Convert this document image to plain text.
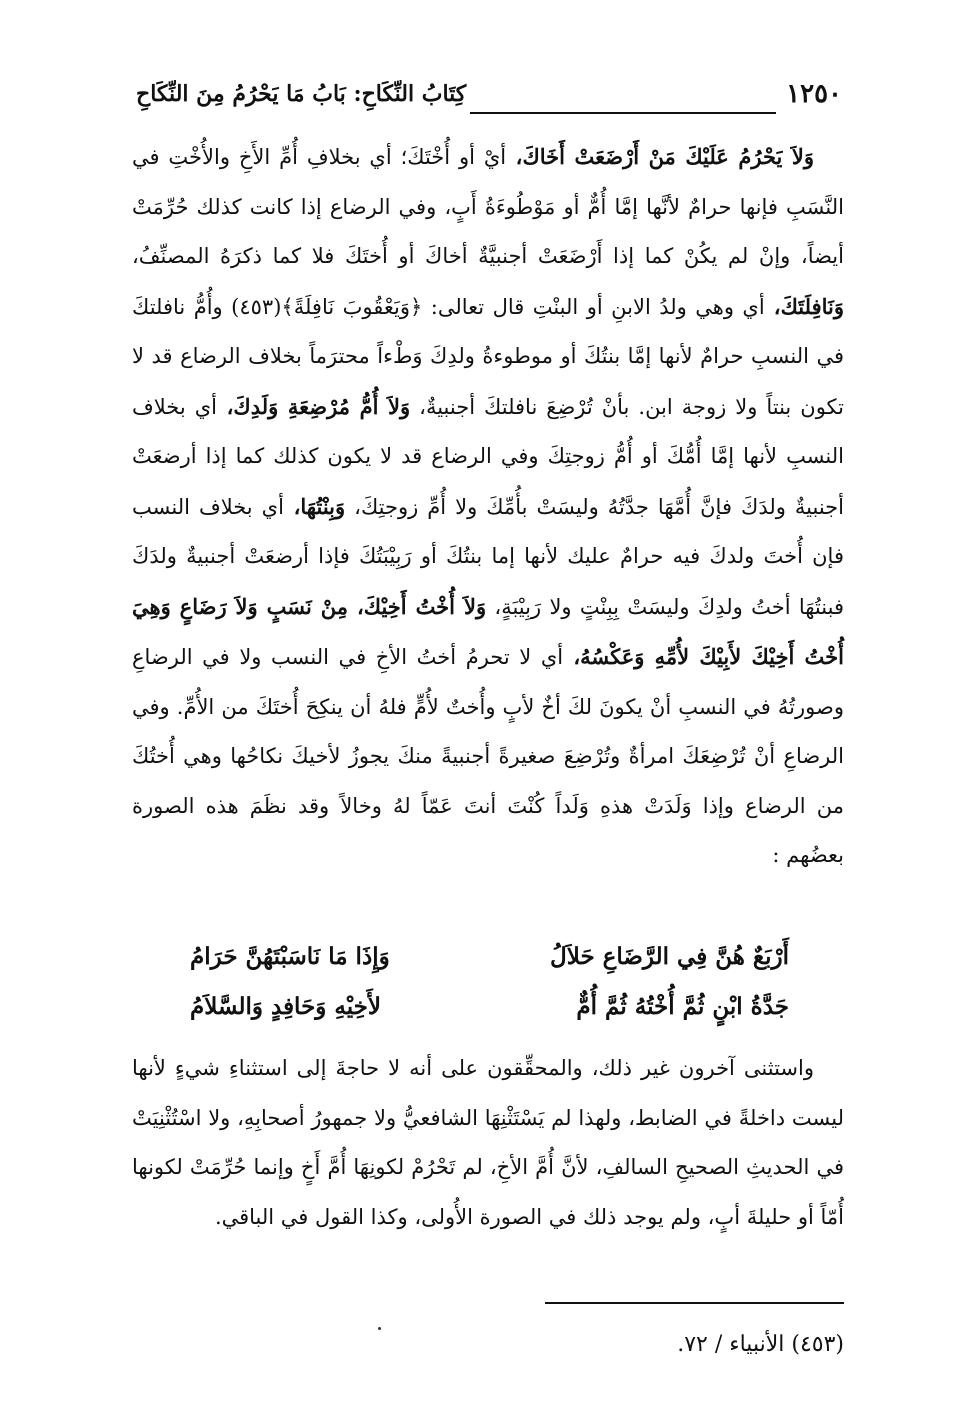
١٢٥٠
كِتَابُ النِّكَاحِ: بَابُ مَا يَحْرُمُ مِنَ النِّكَاحِ

وَلاَ يَحْرُمُ عَلَيْكَ مَنْ أَرْضَعَتْ أَخَاكَ، أيْ أو أُخْتَكَ؛ أي بخلافِ أُمِّ الأَخِ والأُخْتِ في النَّسَبِ فإنها حرامٌ لأنَّها إمَّا أُمٌّ أو مَوْطُوءَةُ أَبٍ، وفي الرضاع إذا كانت كذلك حُرِّمَتْ أيضاً، وإنْ لم يكُنْ كما إذا أَرْضَعَتْ أجنبيَّةٌ أخاكَ أو أُختَكَ فلا كما ذكرَهُ المصنِّفُ، وَنَافِلَتَكَ، أي وهي ولدُ الابنِ أو البنْتِ قال تعالى: ﴿وَيَعْقُوبَ نَافِلَةً﴾(٤٥٣) وأُمُّ نافلتكَ في النسبِ حرامٌ لأنها إمَّا بنتُكَ أو موطوءةُ ولدِكَ وَطْءاً محترَماً بخلاف الرضاع قد لا تكون بنتاً ولا زوجة ابن. بأنْ تُرْضِعَ نافلتكَ أجنبيةٌ، وَلاَ أُمُّ مُرْضِعَةِ وَلَدِكَ، أي بخلاف النسبِ لأنها إمَّا أُمُّكَ أو أُمُّ زوجتِكَ وفي الرضاع قد لا يكون كذلك كما إذا أرضعَتْ أجنبيةٌ ولدَكَ فإنَّ أُمَّهَا جدَّتُهُ وليسَتْ بأُمِّكَ ولا أُمِّ زوجتِكَ، وَبِنْتُهَا، أي بخلاف النسب فإن أُختَ ولدكَ فيه حرامٌ عليك لأنها إما بنتُكَ أو رَبِيْبَتُكَ فإذا أرضعَتْ أجنبيةٌ ولدَكَ فبنتُهَا أختُ ولدِكَ وليسَتْ بِبِنْتٍ ولا رَبِيْبَةٍ، وَلاَ أُخْتُ أَخِيْكَ، مِنْ نَسَبٍ وَلاَ رَضَاعٍ وَهِيَ أُخْتُ أَخِيْكَ لأَبِيْكَ لأُمِّهِ وَعَكْسُهُ، أي لا تحرمُ أختُ الأخِ في النسب ولا في الرضاعِ وصورتُهُ في النسبِ أنْ يكونَ لكَ أخٌ لأبٍ وأُختٌ لأُمٍّ فلهُ أن ينكِحَ أُختَكَ من الأُمِّ. وفي الرضاعِ أنْ تُرْضِعَكَ امرأةٌ وتُرْضِعَ صغيرةً أجنبيةً منكَ يجوزُ لأخيكَ نكاحُها وهي أُختُكَ من الرضاع وإذا وَلَدَتْ هذهِ وَلَداً كُنْتَ أنتَ عَمّاً لهُ وخالاً وقد نظَمَ هذه الصورة بعضُهم :

أَرْبَعٌ هُنَّ فِي الرَّضَاعِ حَلاَلُ
وَإِذَا مَا نَاسَبْتَهُنَّ حَرَامُ
جَدَّةُ ابْنٍ ثُمَّ أُخْتُهُ ثُمَّ أُمٌّ
لأَخِيْهِ وَحَافِدٍ وَالسَّلاَمُ

واستثنى آخرون غير ذلك، والمحقِّقون على أنه لا حاجةَ إلى استثناءِ شيءٍ لأنها ليست داخلةً في الضابط، ولهذا لم يَسْتَثْنِهَا الشافعيُّ ولا جمهورُ أصحابِهِ، ولا اسْتُثْنِيَتْ في الحديثِ الصحيحِ السالفِ، لأنَّ أُمَّ الأخِ، لم تَحْرُمْ لكونِهَا أُمَّ أَخٍ وإنما حُرِّمَتْ لكونها أُمّاً أو حليلةَ أبٍ، ولم يوجد ذلك في الصورة الأُولى، وكذا القول في الباقي.

(٤٥٣) الأنبياء / ٧٢.
